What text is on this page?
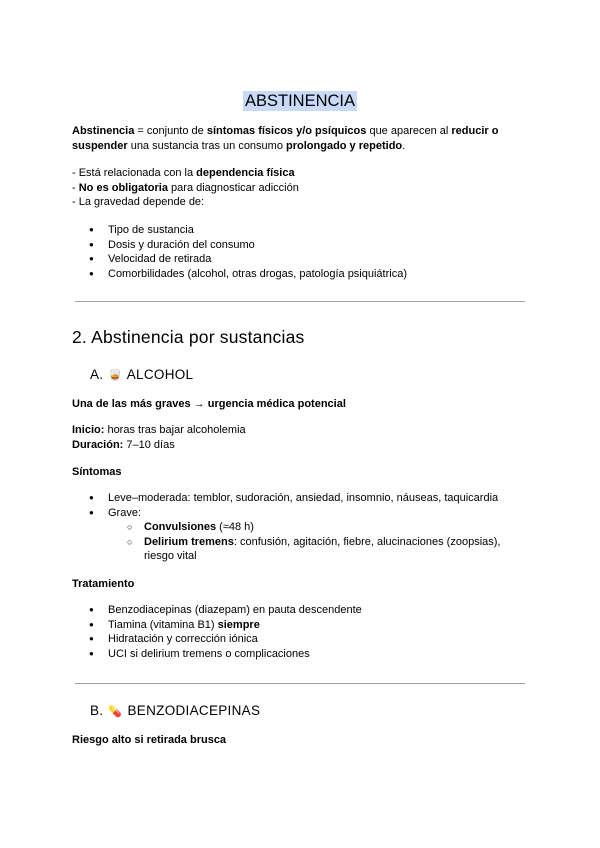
ABSTINENCIA

Abstinencia = conjunto de síntomas físicos y/o psíquicos que aparecen al reducir o suspender una sustancia tras un consumo prolongado y repetido.

- Está relacionada con la dependencia física

- No es obligatoria para diagnosticar adicción

- La gravedad depende de:

● Tipo de sustancia
● Dosis y duración del consumo
● Velocidad de retirada
● Comorbilidades (alcohol, otras drogas, patología psiquiátrica)
2. Abstinencia por sustancias
A. 🥃 ALCOHOL
Una de las más graves → urgencia médica potencial

Inicio: horas tras bajar alcoholemia

Duración: 7–10 días

Síntomas
● Leve–moderada: temblor, sudoración, ansiedad, insomnio, náuseas, taquicardia
● Grave:
○ Convulsiones (≈48 h)
○ Delirium tremens: confusión, agitación, fiebre, alucinaciones (zoopsias), riesgo vital
Tratamiento
● Benzodiacepinas (diazepam) en pauta descendente
● Tiamina (vitamina B1) siempre
● Hidratación y corrección iónica
● UCI si delirium tremens o complicaciones
B. 💊 BENZODIACEPINAS
Riesgo alto si retirada brusca
